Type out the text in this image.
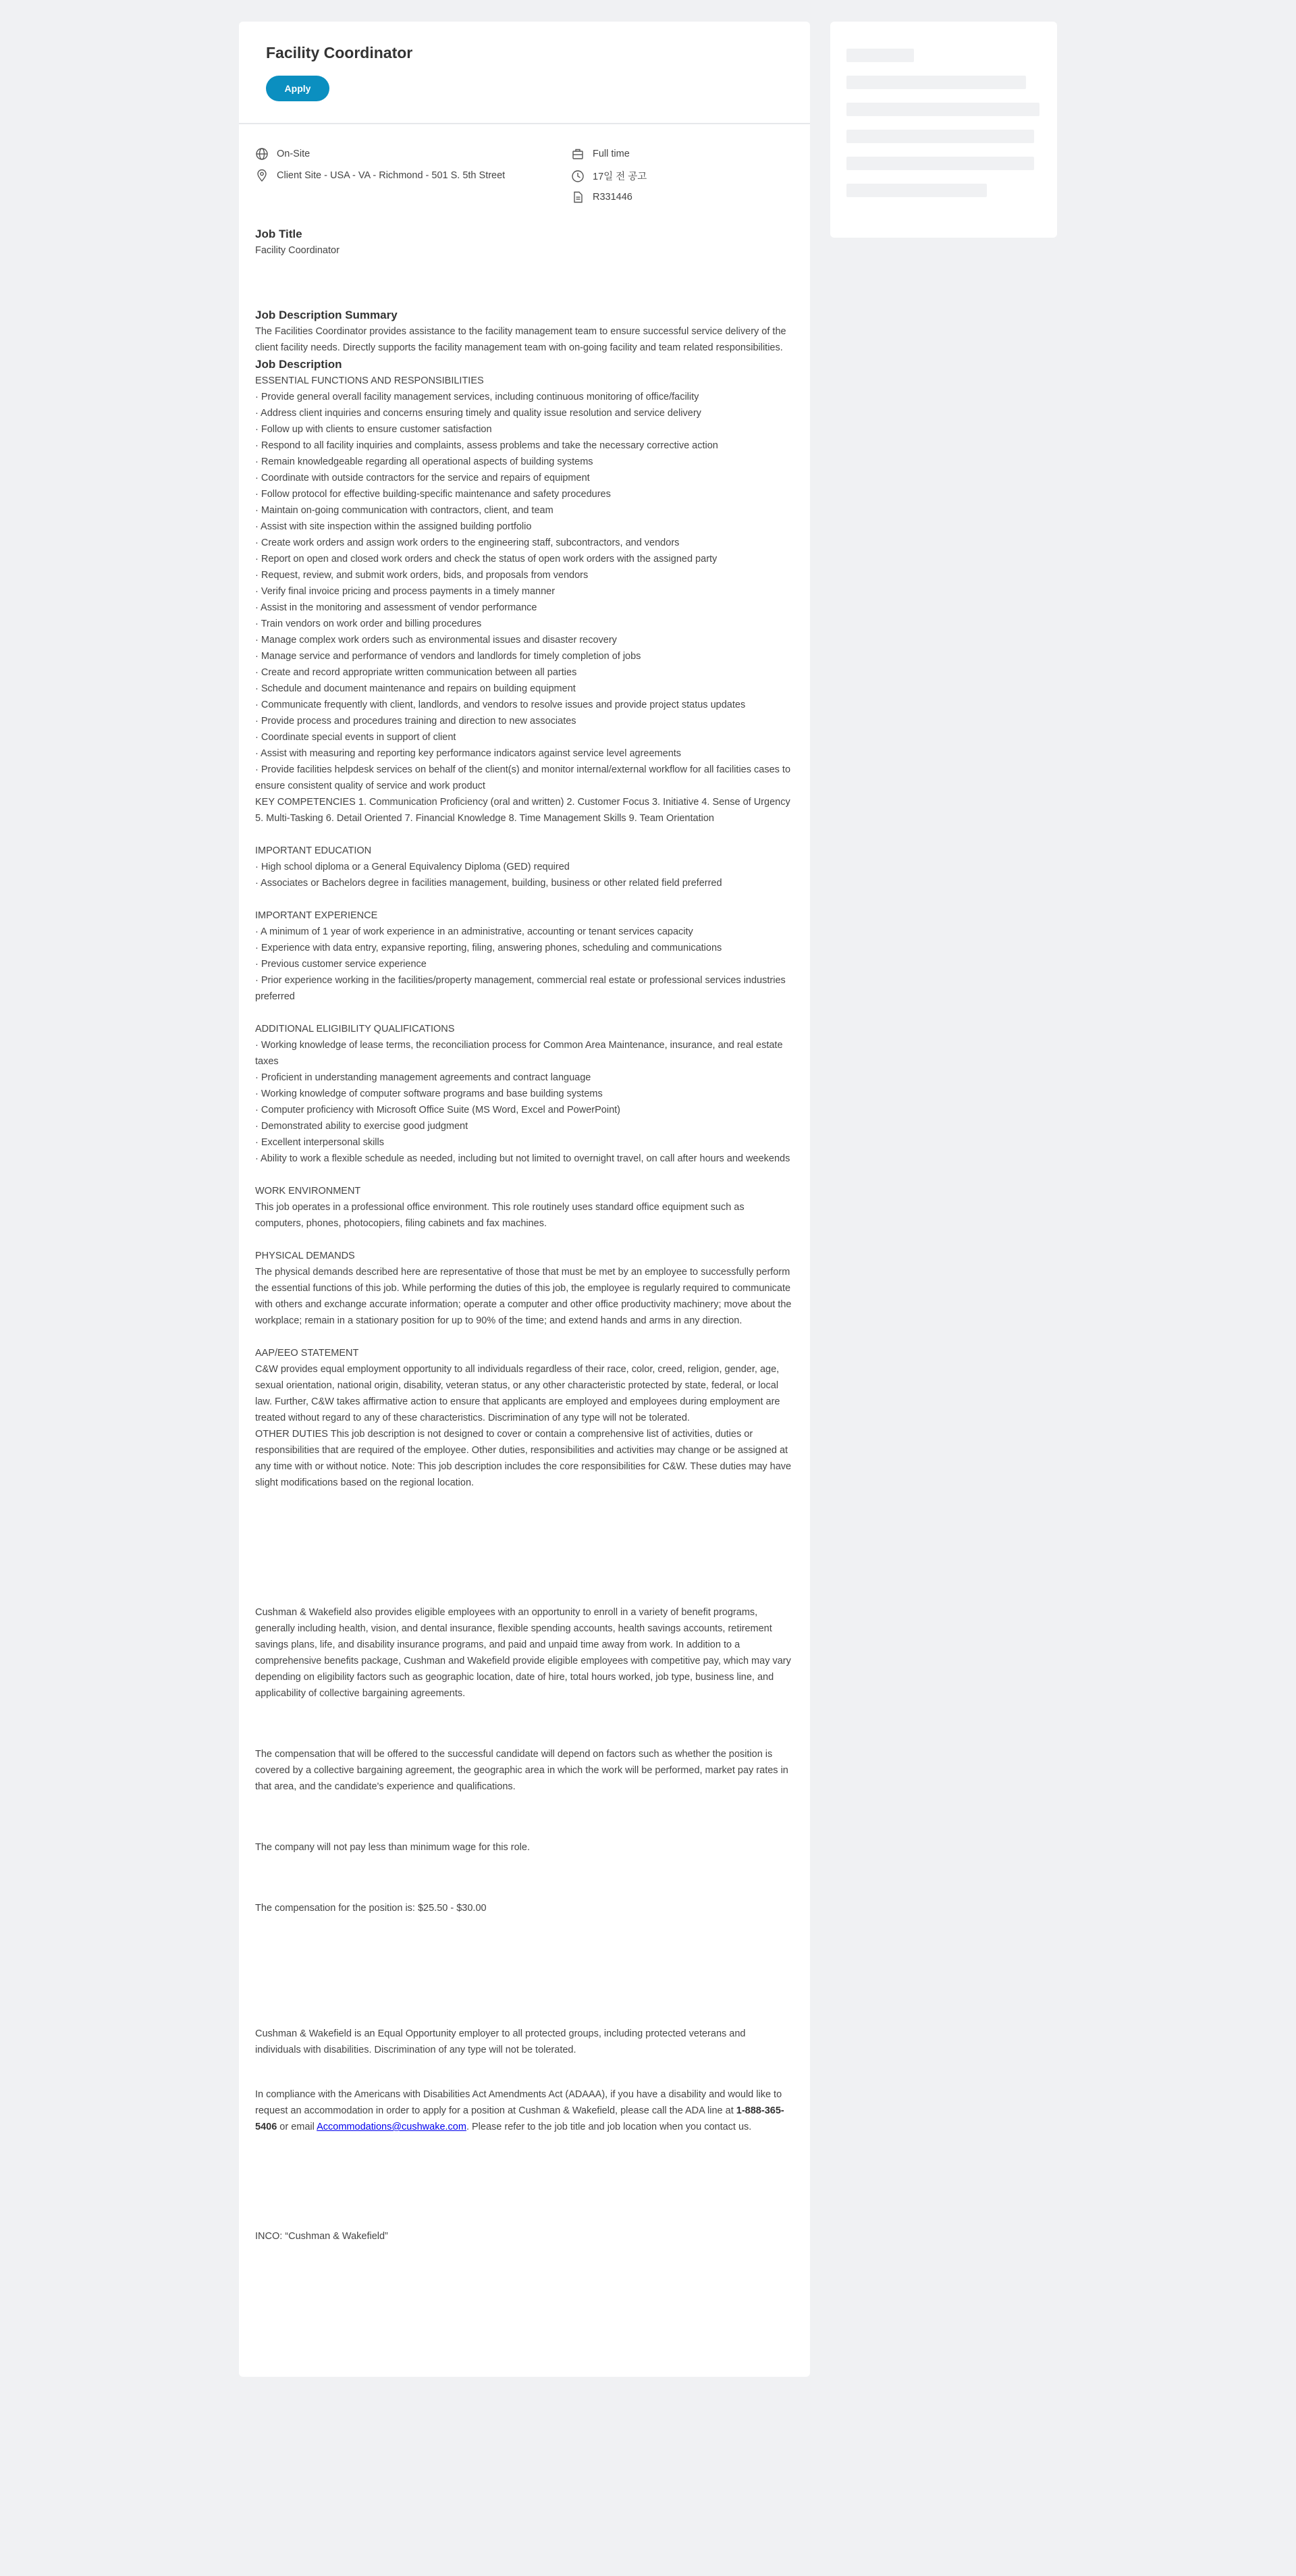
Facility Coordinator
Apply
On-Site
Client Site - USA - VA - Richmond - 501 S. 5th Street
Full time
17일 전 공고
R331446
Job Title
Facility Coordinator
Job Description Summary
The Facilities Coordinator provides assistance to the facility management team to ensure successful service delivery of the client facility needs. Directly supports the facility management team with on-going facility and team related responsibilities.
Job Description
ESSENTIAL FUNCTIONS AND RESPONSIBILITIES
· Provide general overall facility management services, including continuous monitoring of office/facility
· Address client inquiries and concerns ensuring timely and quality issue resolution and service delivery
· Follow up with clients to ensure customer satisfaction
· Respond to all facility inquiries and complaints, assess problems and take the necessary corrective action
· Remain knowledgeable regarding all operational aspects of building systems
· Coordinate with outside contractors for the service and repairs of equipment
· Follow protocol for effective building-specific maintenance and safety procedures
· Maintain on-going communication with contractors, client, and team
· Assist with site inspection within the assigned building portfolio
· Create work orders and assign work orders to the engineering staff, subcontractors, and vendors
· Report on open and closed work orders and check the status of open work orders with the assigned party
· Request, review, and submit work orders, bids, and proposals from vendors
· Verify final invoice pricing and process payments in a timely manner
· Assist in the monitoring and assessment of vendor performance
· Train vendors on work order and billing procedures
· Manage complex work orders such as environmental issues and disaster recovery
· Manage service and performance of vendors and landlords for timely completion of jobs
· Create and record appropriate written communication between all parties
· Schedule and document maintenance and repairs on building equipment
· Communicate frequently with client, landlords, and vendors to resolve issues and provide project status updates
· Provide process and procedures training and direction to new associates
· Coordinate special events in support of client
· Assist with measuring and reporting key performance indicators against service level agreements
· Provide facilities helpdesk services on behalf of the client(s) and monitor internal/external workflow for all facilities cases to ensure consistent quality of service and work product
KEY COMPETENCIES 1. Communication Proficiency (oral and written) 2. Customer Focus 3. Initiative 4. Sense of Urgency 5. Multi-Tasking 6. Detail Oriented 7. Financial Knowledge 8. Time Management Skills 9. Team Orientation
IMPORTANT EDUCATION
· High school diploma or a General Equivalency Diploma (GED) required
· Associates or Bachelors degree in facilities management, building, business or other related field preferred
IMPORTANT EXPERIENCE
· A minimum of 1 year of work experience in an administrative, accounting or tenant services capacity
· Experience with data entry, expansive reporting, filing, answering phones, scheduling and communications
· Previous customer service experience
· Prior experience working in the facilities/property management, commercial real estate or professional services industries preferred
ADDITIONAL ELIGIBILITY QUALIFICATIONS
· Working knowledge of lease terms, the reconciliation process for Common Area Maintenance, insurance, and real estate taxes
· Proficient in understanding management agreements and contract language
· Working knowledge of computer software programs and base building systems
· Computer proficiency with Microsoft Office Suite (MS Word, Excel and PowerPoint)
· Demonstrated ability to exercise good judgment
· Excellent interpersonal skills
· Ability to work a flexible schedule as needed, including but not limited to overnight travel, on call after hours and weekends
WORK ENVIRONMENT
This job operates in a professional office environment. This role routinely uses standard office equipment such as computers, phones, photocopiers, filing cabinets and fax machines.
PHYSICAL DEMANDS
The physical demands described here are representative of those that must be met by an employee to successfully perform the essential functions of this job. While performing the duties of this job, the employee is regularly required to communicate with others and exchange accurate information; operate a computer and other office productivity machinery; move about the workplace; remain in a stationary position for up to 90% of the time; and extend hands and arms in any direction.
AAP/EEO STATEMENT
C&W provides equal employment opportunity to all individuals regardless of their race, color, creed, religion, gender, age, sexual orientation, national origin, disability, veteran status, or any other characteristic protected by state, federal, or local law. Further, C&W takes affirmative action to ensure that applicants are employed and employees during employment are treated without regard to any of these characteristics. Discrimination of any type will not be tolerated.
OTHER DUTIES This job description is not designed to cover or contain a comprehensive list of activities, duties or responsibilities that are required of the employee. Other duties, responsibilities and activities may change or be assigned at any time with or without notice. Note: This job description includes the core responsibilities for C&W. These duties may have slight modifications based on the regional location.
Cushman & Wakefield also provides eligible employees with an opportunity to enroll in a variety of benefit programs, generally including health, vision, and dental insurance, flexible spending accounts, health savings accounts, retirement savings plans, life, and disability insurance programs, and paid and unpaid time away from work. In addition to a comprehensive benefits package, Cushman and Wakefield provide eligible employees with competitive pay, which may vary depending on eligibility factors such as geographic location, date of hire, total hours worked, job type, business line, and applicability of collective bargaining agreements.
The compensation that will be offered to the successful candidate will depend on factors such as whether the position is covered by a collective bargaining agreement, the geographic area in which the work will be performed, market pay rates in that area, and the candidate's experience and qualifications.
The company will not pay less than minimum wage for this role.
The compensation for the position is: $25.50 - $30.00
Cushman & Wakefield is an Equal Opportunity employer to all protected groups, including protected veterans and individuals with disabilities. Discrimination of any type will not be tolerated.
In compliance with the Americans with Disabilities Act Amendments Act (ADAAA), if you have a disability and would like to request an accommodation in order to apply for a position at Cushman & Wakefield, please call the ADA line at 1-888-365-5406 or email Accommodations@cushwake.com. Please refer to the job title and job location when you contact us.
INCO: “Cushman & Wakefield”
